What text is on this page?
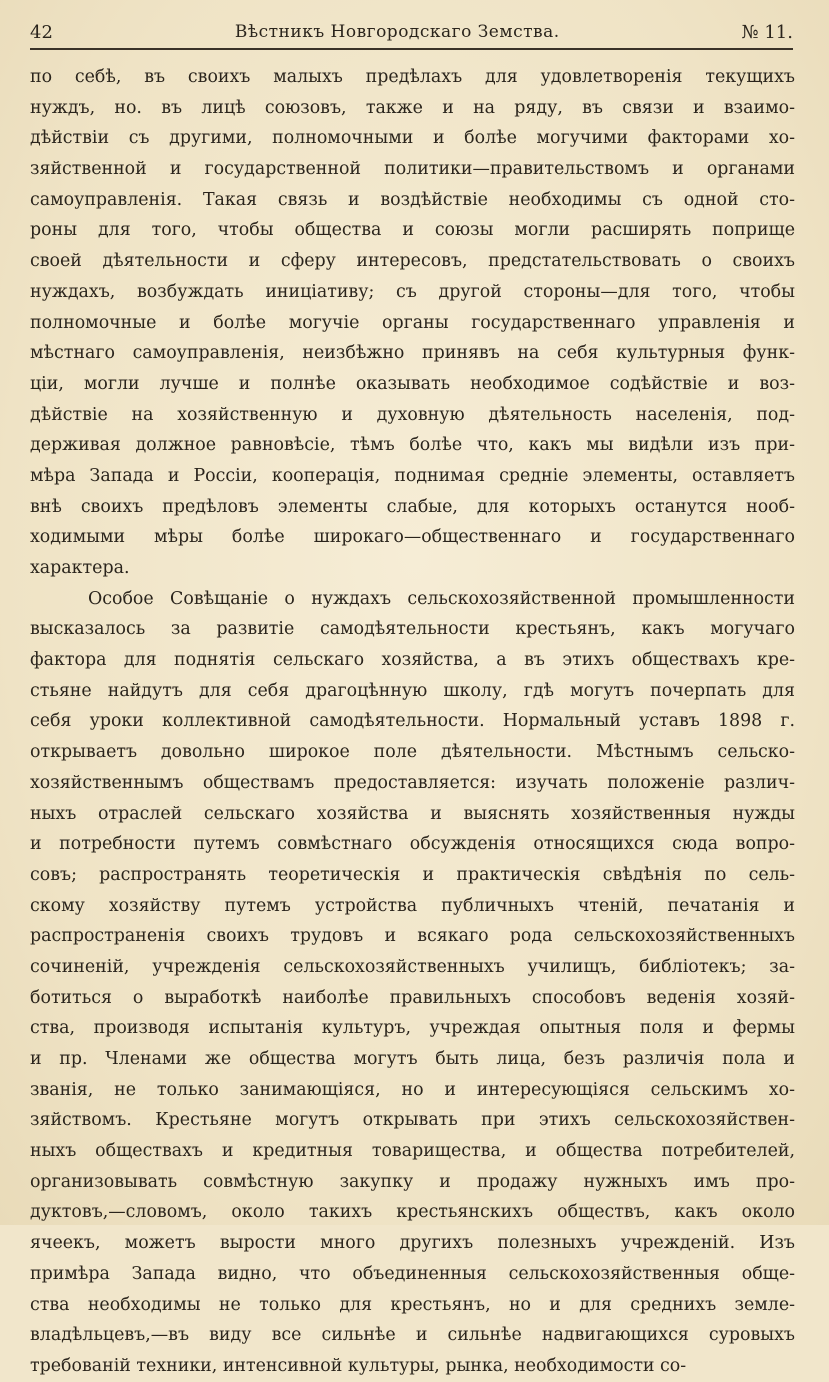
42	Вѣстникъ Новгородскаго Земства.	№ 11.
по себѣ, въ своихъ малыхъ предѣлахъ для удовлетворенія текущихъ
нуждъ, но. въ лицѣ союзовъ, также и на ряду, въ связи и взаимо-
дѣйствіи съ другими, полномочными и болѣе могучими факторами хо-
зяйственной и государственной политики—правительствомъ и органами
самоуправленія. Такая связь и воздѣйствіе необходимы съ одной сто-
роны для того, чтобы общества и союзы могли расширять поприще
своей дѣятельности и сферу интересовъ, предстательствовать о своихъ
нуждахъ, возбуждать иниціативу; съ другой стороны—для того, чтобы
полномочные и болѣе могучіе органы государственнаго управленія и
мѣстнаго самоуправленія, неизбѣжно принявъ на себя культурныя функ-
ціи, могли лучше и полнѣе оказывать необходимое содѣйствіе и воз-
дѣйствіе на хозяйственную и духовную дѣятельность населенія, под-
держивая должное равновѣсіе, тѣмъ болѣе что, какъ мы видѣли изъ при-
мѣра Запада и Россіи, кооперація, поднимая средніе элементы, оставляетъ
внѣ своихъ предѣловъ элементы слабые, для которыхъ останутся нооб-
ходимыми мѣры болѣе широкаго—общественнаго и государственнаго
характера.
Особое Совѣщаніе о нуждахъ сельскохозяйственной промышленности
высказалось за развитіе самодѣятельности крестьянъ, какъ могучаго
фактора для поднятія сельскаго хозяйства, а въ этихъ обществахъ кре-
стьяне найдутъ для себя драгоцѣнную школу, гдѣ могутъ почерпать для
себя уроки коллективной самодѣятельности. Нормальный уставъ 1898 г.
открываетъ довольно широкое поле дѣятельности. Мѣстнымъ сельско-
хозяйственнымъ обществамъ предоставляется: изучать положеніе различ-
ныхъ отраслей сельскаго хозяйства и выяснять хозяйственныя нужды
и потребности путемъ совмѣстнаго обсужденія относящихся сюда вопро-
совъ; распространять теоретическія и практическія свѣдѣнія по сель-
скому хозяйству путемъ устройства публичныхъ чтеній, печатанія и
распространенія своихъ трудовъ и всякаго рода сельскохозяйственныхъ
сочиненій, учрежденія сельскохозяйственныхъ училищъ, библіотекъ; за-
ботиться о выработкѣ наиболѣе правильныхъ способовъ веденія хозяй-
ства, производя испытанія культуръ, учреждая опытныя поля и фермы
и пр. Членами же общества могутъ быть лица, безъ различія пола и
званія, не только занимающіяся, но и интересующіяся сельскимъ хо-
зяйствомъ. Крестьяне могутъ открывать при этихъ сельскохозяйствен-
ныхъ обществахъ и кредитныя товарищества, и общества потребителей,
организовывать совмѣстную закупку и продажу нужныхъ имъ про-
дуктовъ,—словомъ, около такихъ крестьянскихъ обществъ, какъ около
ячеекъ, можетъ выр​ости много другихъ полезныхъ учрежденій. Изъ
примѣра Запада видно, что объединенныя сельскохозяйственныя обще-
ства необходимы не только для крестьянъ, но и для среднихъ земле-
владѣльцевъ,—въ виду все сильнѣе и сильнѣе надвигающихся суровыхъ
требованій техники, интенсивной культуры, рынка, необходимости со-
